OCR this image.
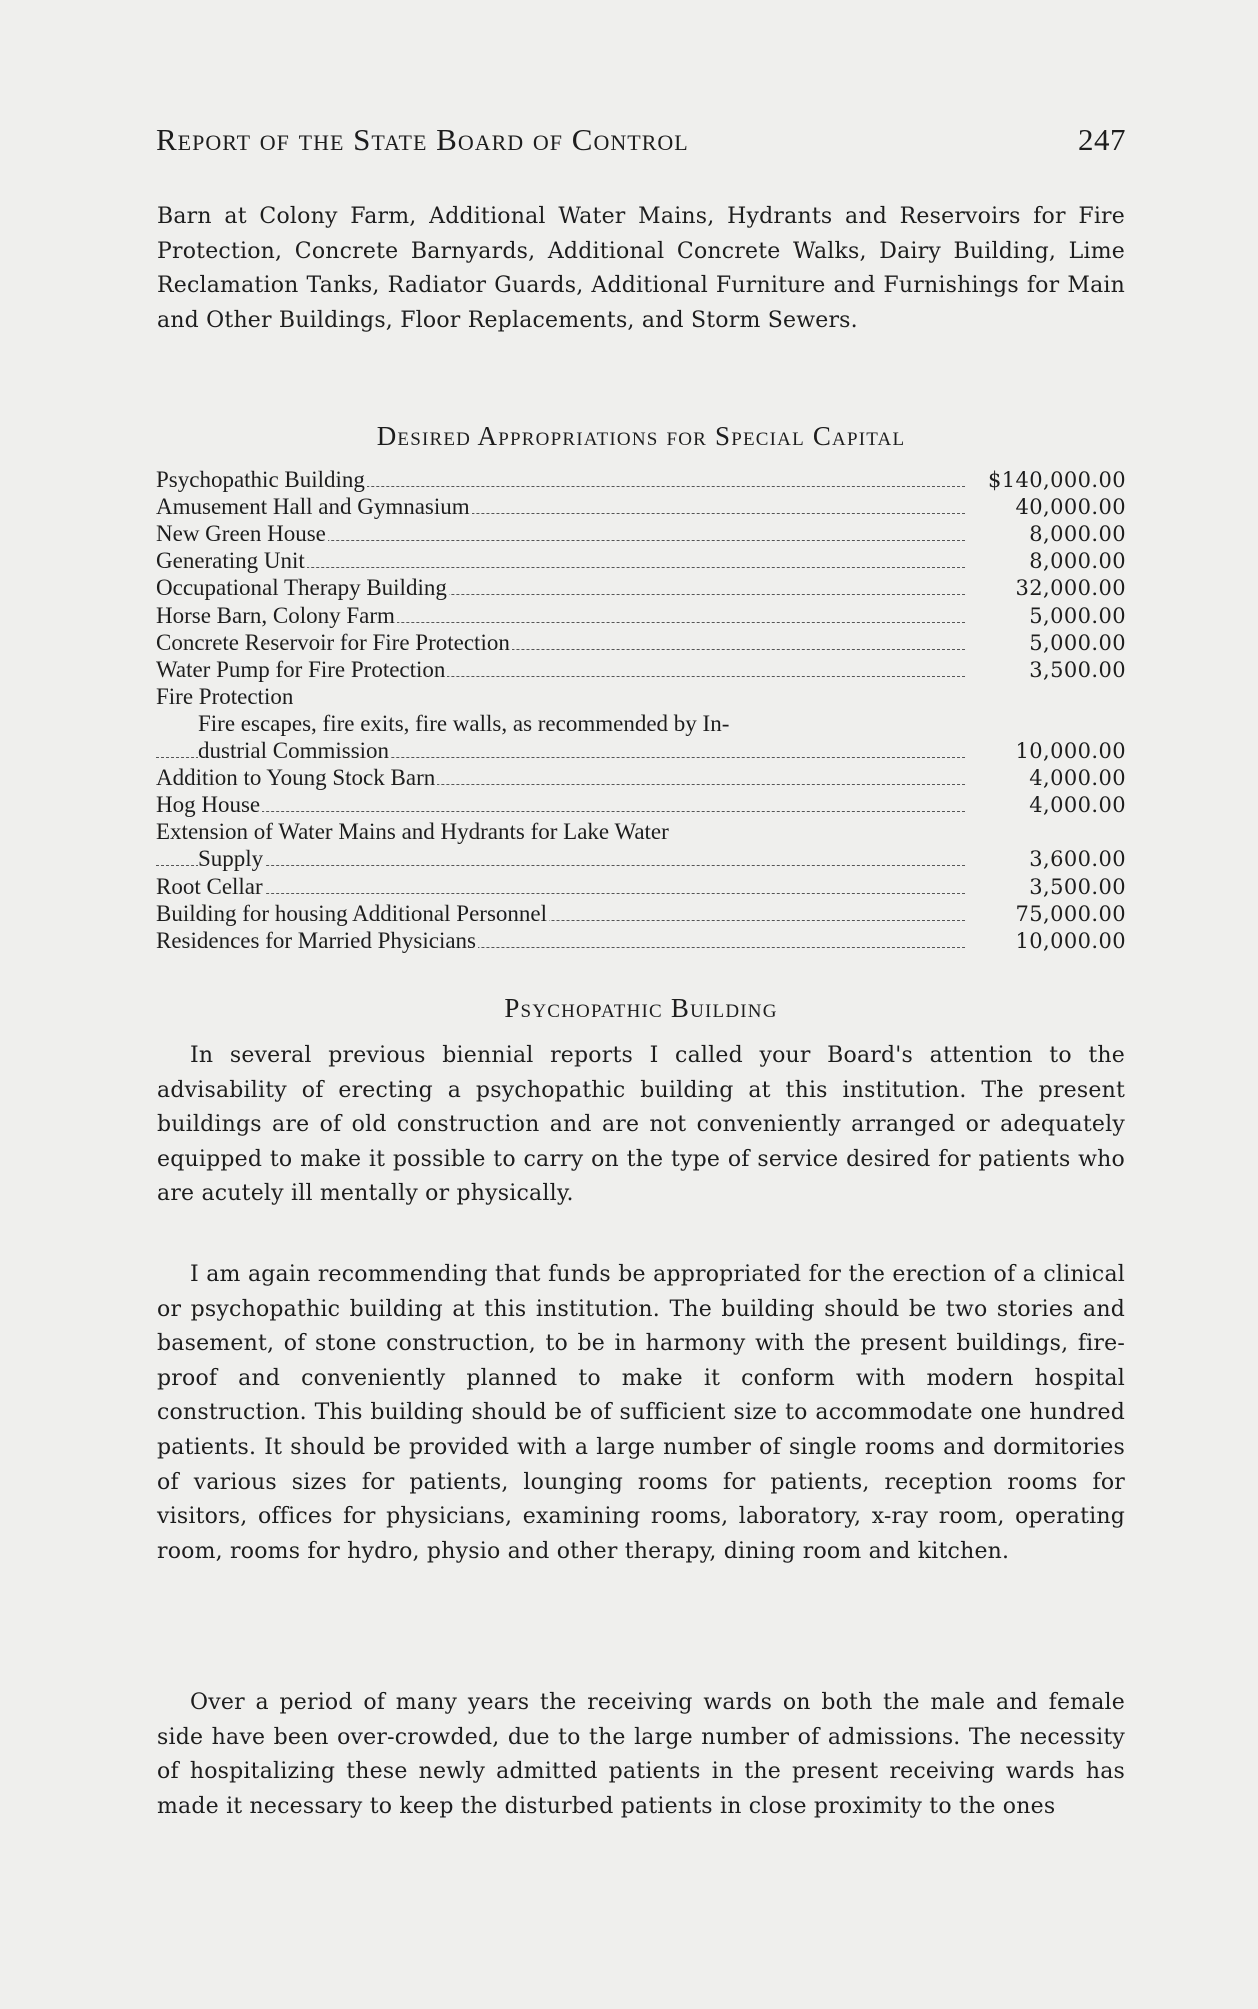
Report of the State Board of Control	247

Barn at Colony Farm, Additional Water Mains, Hydrants and Reservoirs for Fire Protection, Concrete Barnyards, Additional Concrete Walks, Dairy Building, Lime Reclamation Tanks, Radiator Guards, Additional Furniture and Furnishings for Main and Other Buildings, Floor Replacements, and Storm Sewers.

Desired Appropriations for Special Capital
Psychopathic Building	$140,000.00

Amusement Hall and Gymnasium	40,000.00

New Green House	8,000.00

Generating Unit	8,000.00

Occupational Therapy Building	32,000.00

Horse Barn, Colony Farm	5,000.00

Concrete Reservoir for Fire Protection	5,000.00

Water Pump for Fire Protection	3,500.00
Fire Protection	
Fire escapes, fire exits, fire walls, as recommended by In-	

dustrial Commission	10,000.00

Addition to Young Stock Barn	4,000.00

Hog House	4,000.00
Extension of Water Mains and Hydrants for Lake Water	

Supply	3,600.00

Root Cellar	3,500.00

Building for housing Additional Personnel	75,000.00

Residences for Married Physicians	10,000.00
Psychopathic Building

In several previous biennial reports I called your Board's attention to the advisability of erecting a psychopathic building at this institution. The present buildings are of old construction and are not conveniently arranged or adequately equipped to make it possible to carry on the type of service desired for patients who are acutely ill mentally or physically.

I am again recommending that funds be appropriated for the erection of a clinical or psychopathic building at this institution. The building should be two stories and basement, of stone construction, to be in harmony with the present buildings, fire-proof and conveniently planned to make it conform with modern hospital construction. This building should be of sufficient size to accommodate one hundred patients. It should be provided with a large number of single rooms and dormitories of various sizes for patients, lounging rooms for patients, reception rooms for visitors, offices for physicians, examining rooms, laboratory, x-ray room, operating room, rooms for hydro, physio and other therapy, dining room and kitchen.

Over a period of many years the receiving wards on both the male and female side have been over-crowded, due to the large number of admissions. The necessity of hospitalizing these newly admitted patients in the present receiving wards has made it necessary to keep the disturbed patients in close proximity to the ones
